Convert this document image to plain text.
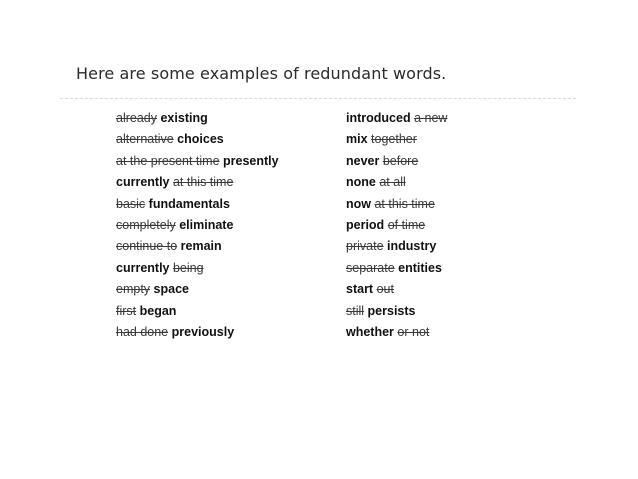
Here are some examples of redundant words.
already existing
alternative choices
at the present time presently
currently at this time
basic fundamentals
completely eliminate
continue to remain
currently being
empty space
first began
had done previously
introduced a new
mix together
never before
none at all
now at this time
period of time
private industry
separate entities
start out
still persists
whether or not
